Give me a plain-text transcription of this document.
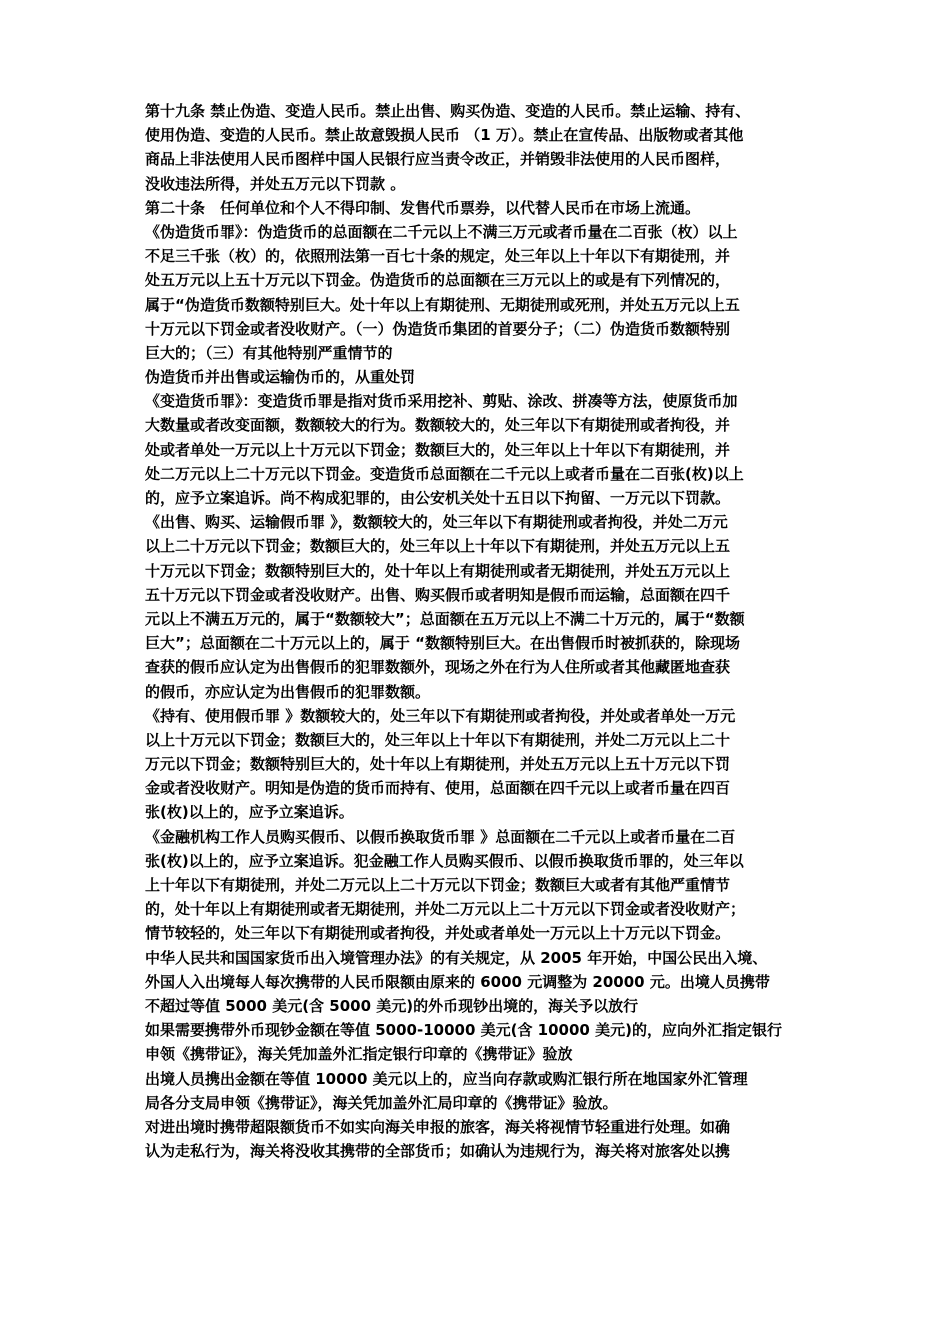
第十九条 禁止伪造、变造人民币。禁止出售、购买伪造、变造的人民币。禁止运输、持有、
使用伪造、变造的人民币。禁止故意毁损人民币 （1 万）。禁止在宣传品、出版物或者其他
商品上非法使用人民币图样中国人民银行应当责令改正，并销毁非法使用的人民币图样，
没收违法所得，并处五万元以下罚款 。
第二十条　任何单位和个人不得印制、发售代币票券，以代替人民币在市场上流通。
《伪造货币罪》：伪造货币的总面额在二千元以上不满三万元或者币量在二百张（枚）以上
不足三千张（枚）的，依照刑法第一百七十条的规定，处三年以上十年以下有期徒刑，并
处五万元以上五十万元以下罚金。伪造货币的总面额在三万元以上的或是有下列情况的，
属于“伪造货币数额特别巨大。处十年以上有期徒刑、无期徒刑或死刑，并处五万元以上五
十万元以下罚金或者没收财产。（一）伪造货币集团的首要分子；（二）伪造货币数额特别
巨大的；（三）有其他特别严重情节的
伪造货币并出售或运输伪币的，从重处罚
《变造货币罪》：变造货币罪是指对货币采用挖补、剪贴、涂改、拼凑等方法，使原货币加
大数量或者改变面额，数额较大的行为。数额较大的，处三年以下有期徒刑或者拘役，并
处或者单处一万元以上十万元以下罚金；数额巨大的，处三年以上十年以下有期徒刑，并
处二万元以上二十万元以下罚金。变造货币总面额在二千元以上或者币量在二百张(枚)以上
的，应予立案追诉。尚不构成犯罪的，由公安机关处十五日以下拘留、一万元以下罚款。
《出售、购买、运输假币罪 》，数额较大的，处三年以下有期徒刑或者拘役，并处二万元
以上二十万元以下罚金；数额巨大的，处三年以上十年以下有期徒刑，并处五万元以上五
十万元以下罚金；数额特别巨大的，处十年以上有期徒刑或者无期徒刑，并处五万元以上
五十万元以下罚金或者没收财产。出售、购买假币或者明知是假币而运输，总面额在四千
元以上不满五万元的，属于“数额较大”；总面额在五万元以上不满二十万元的，属于“数额
巨大”；总面额在二十万元以上的，属于 “数额特别巨大。在出售假币时被抓获的，除现场
查获的假币应认定为出售假币的犯罪数额外，现场之外在行为人住所或者其他藏匿地查获
的假币，亦应认定为出售假币的犯罪数额。
《持有、使用假币罪 》数额较大的，处三年以下有期徒刑或者拘役，并处或者单处一万元
以上十万元以下罚金；数额巨大的，处三年以上十年以下有期徒刑，并处二万元以上二十
万元以下罚金；数额特别巨大的，处十年以上有期徒刑，并处五万元以上五十万元以下罚
金或者没收财产。明知是伪造的货币而持有、使用，总面额在四千元以上或者币量在四百
张(枚)以上的，应予立案追诉。
《金融机构工作人员购买假币、以假币换取货币罪 》总面额在二千元以上或者币量在二百
张(枚)以上的，应予立案追诉。犯金融工作人员购买假币、以假币换取货币罪的，处三年以
上十年以下有期徒刑，并处二万元以上二十万元以下罚金；数额巨大或者有其他严重情节
的，处十年以上有期徒刑或者无期徒刑，并处二万元以上二十万元以下罚金或者没收财产；
情节较轻的，处三年以下有期徒刑或者拘役，并处或者单处一万元以上十万元以下罚金。
中华人民共和国国家货币出入境管理办法》的有关规定，从 2005 年开始，中国公民出入境、
外国人入出境每人每次携带的人民币限额由原来的 6000 元调整为 20000 元。出境人员携带
不超过等值 5000 美元(含 5000 美元)的外币现钞出境的，海关予以放行
如果需要携带外币现钞金额在等值 5000-10000 美元(含 10000 美元)的，应向外汇指定银行
申领《携带证》，海关凭加盖外汇指定银行印章的《携带证》验放
出境人员携出金额在等值 10000 美元以上的，应当向存款或购汇银行所在地国家外汇管理
局各分支局申领《携带证》，海关凭加盖外汇局印章的《携带证》验放。
对进出境时携带超限额货币不如实向海关申报的旅客，海关将视情节轻重进行处理。如确
认为走私行为，海关将没收其携带的全部货币；如确认为违规行为，海关将对旅客处以携
